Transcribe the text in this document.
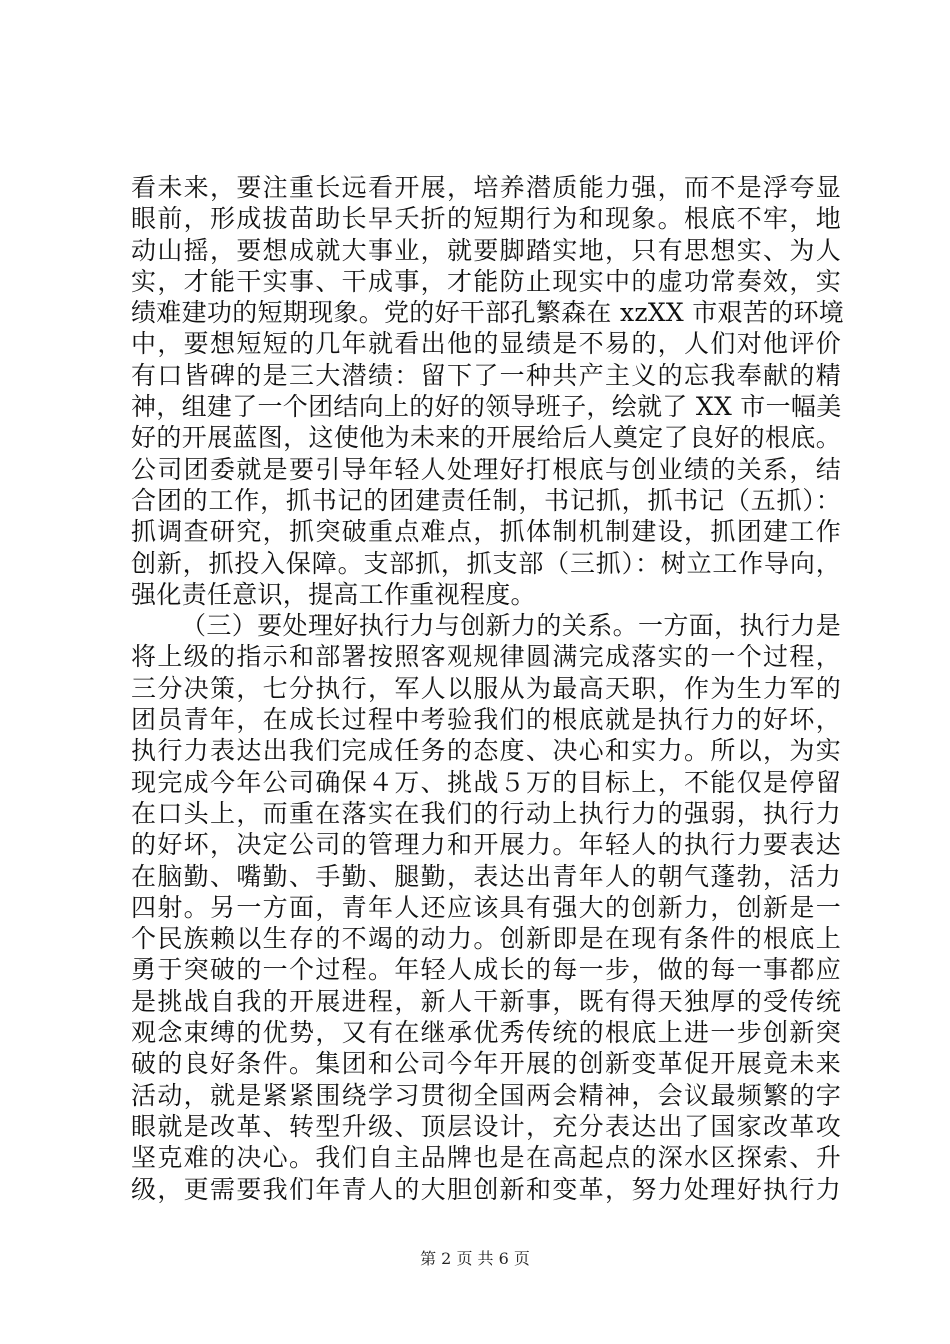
看未来，要注重长远看开展，培养潜质能力强，而不是浮夸显
眼前，形成拔苗助长早夭折的短期行为和现象。根底不牢，地
动山摇，要想成就大事业，就要脚踏实地，只有思想实、为人
实，才能干实事、干成事，才能防止现实中的虚功常奏效，实
绩难建功的短期现象。党的好干部孔繁森在 xzXX 市艰苦的环境
中，要想短短的几年就看出他的显绩是不易的，人们对他评价
有口皆碑的是三大潜绩：留下了一种共产主义的忘我奉献的精
神，组建了一个团结向上的好的领导班子，绘就了 XX 市一幅美
好的开展蓝图，这使他为未来的开展给后人奠定了良好的根底。
公司团委就是要引导年轻人处理好打根底与创业绩的关系，结
合团的工作，抓书记的团建责任制，书记抓，抓书记（五抓）：
抓调查研究，抓突破重点难点，抓体制机制建设，抓团建工作
创新，抓投入保障。支部抓，抓支部（三抓）：树立工作导向，
强化责任意识，提高工作重视程度。
（三）要处理好执行力与创新力的关系。一方面，执行力是
将上级的指示和部署按照客观规律圆满完成落实的一个过程，
三分决策，七分执行，军人以服从为最高天职，作为生力军的
团员青年，在成长过程中考验我们的根底就是执行力的好坏，
执行力表达出我们完成任务的态度、决心和实力。所以，为实
现完成今年公司确保４万、挑战５万的目标上，不能仅是停留
在口头上，而重在落实在我们的行动上执行力的强弱，执行力
的好坏，决定公司的管理力和开展力。年轻人的执行力要表达
在脑勤、嘴勤、手勤、腿勤，表达出青年人的朝气蓬勃，活力
四射。另一方面，青年人还应该具有强大的创新力，创新是一
个民族赖以生存的不竭的动力。创新即是在现有条件的根底上
勇于突破的一个过程。年轻人成长的每一步，做的每一事都应
是挑战自我的开展进程，新人干新事，既有得天独厚的受传统
观念束缚的优势，又有在继承优秀传统的根底上进一步创新突
破的良好条件。集团和公司今年开展的创新变革促开展竟未来
活动，就是紧紧围绕学习贯彻全国两会精神，会议最频繁的字
眼就是改革、转型升级、顶层设计，充分表达出了国家改革攻
坚克难的决心。我们自主品牌也是在高起点的深水区探索、升
级，更需要我们年青人的大胆创新和变革，努力处理好执行力
第 2 页 共 6 页
